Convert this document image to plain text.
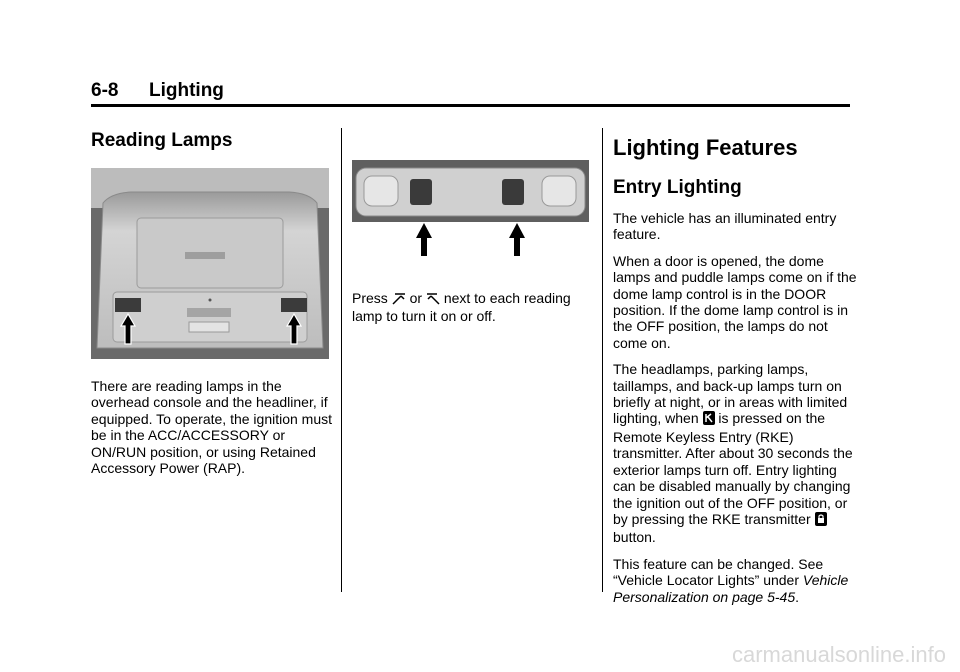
6-8 Lighting
Reading Lamps

There are reading lamps in the overhead console and the headliner, if equipped. To operate, the ignition must be in the ACC/ACCESSORY or ON/RUN position, or using Retained Accessory Power (RAP).

Press or next to each reading lamp to turn it on or off.

Lighting Features
Entry Lighting

The vehicle has an illuminated entry feature.

When a door is opened, the dome lamps and puddle lamps come on if the dome lamp control is in the DOOR position. If the dome lamp control is in the OFF position, the lamps do not come on.

The headlamps, parking lamps, taillamps, and back-up lamps turn on briefly at night, or in areas with limited lighting, when is pressed on the Remote Keyless Entry (RKE) transmitter. After about 30 seconds the exterior lamps turn off. Entry lighting can be disabled manually by changing the ignition out of the OFF position, or by pressing the RKE transmitter  button.

This feature can be changed. See “Vehicle Locator Lights” under Vehicle Personalization on page 5-45.

carmanualsonline.info
